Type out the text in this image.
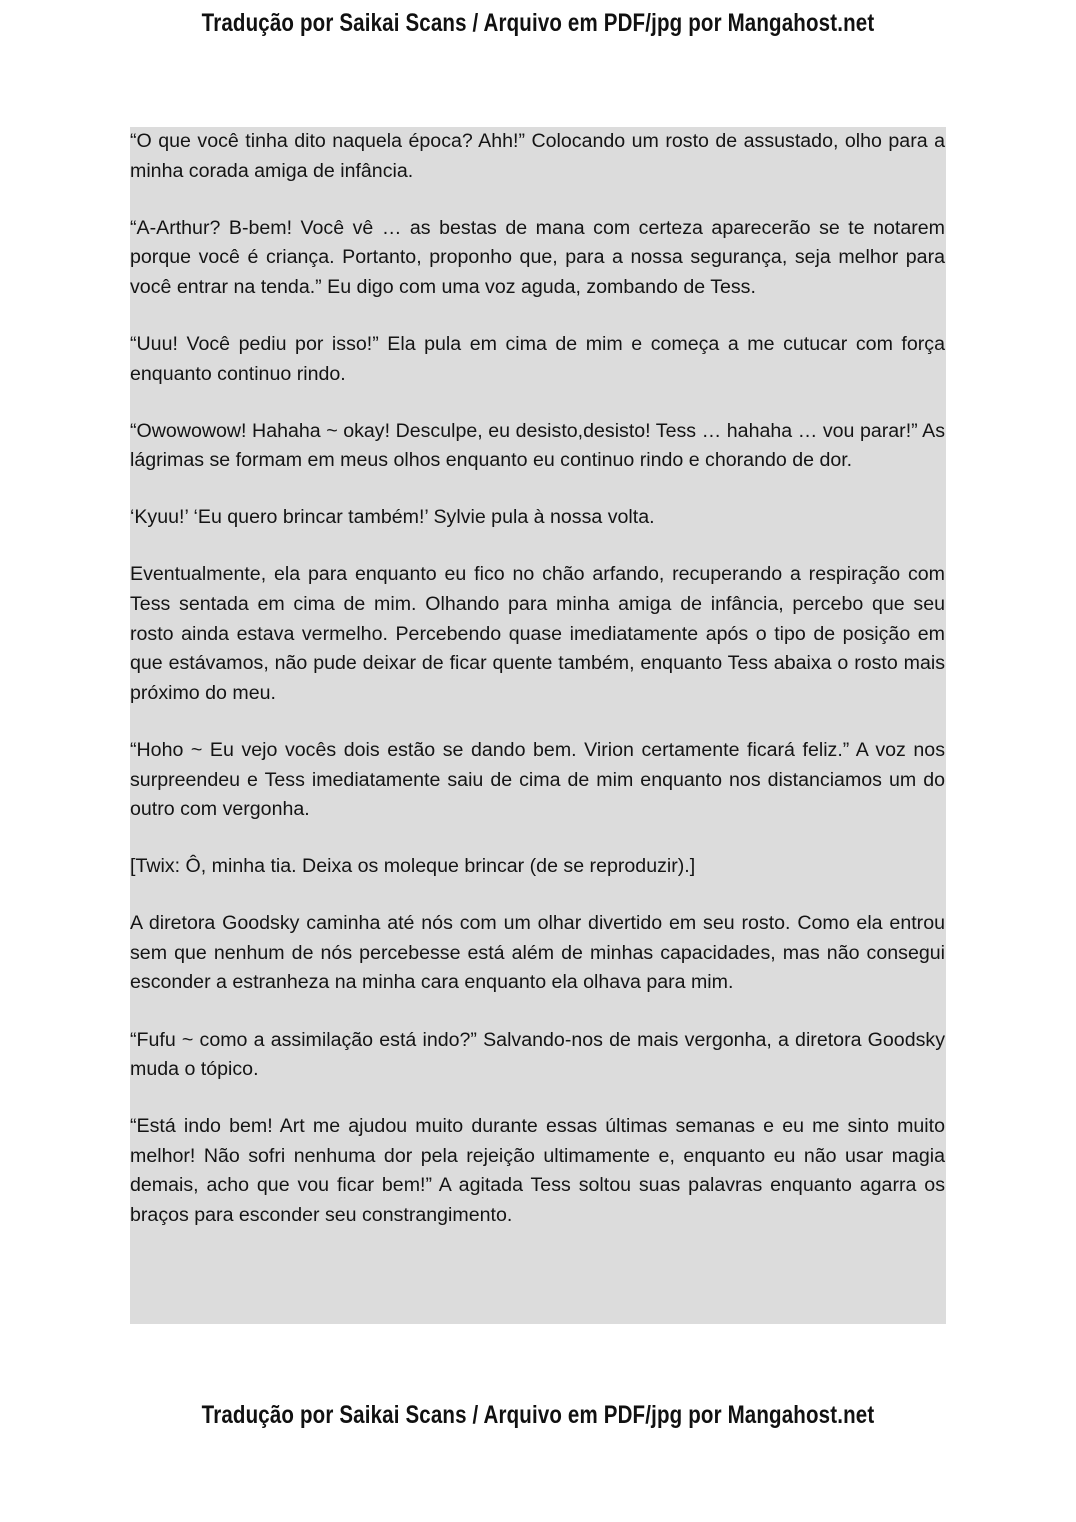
Tradução por Saikai Scans / Arquivo em PDF/jpg por Mangahost.net

“O que você tinha dito naquela época? Ahh!” Colocando um rosto de assustado, olho para a minha corada amiga de infância.

“A-Arthur? B-bem! Você vê … as bestas de mana com certeza aparecerão se te notarem porque você é criança. Portanto, proponho que, para a nossa segurança, seja melhor para você entrar na tenda.” Eu digo com uma voz aguda, zombando de Tess.

“Uuu! Você pediu por isso!” Ela pula em cima de mim e começa a me cutucar com força enquanto continuo rindo.

“Owowowow! Hahaha ~ okay! Desculpe, eu desisto,desisto! Tess … hahaha … vou parar!” As lágrimas se formam em meus olhos enquanto eu continuo rindo e chorando de dor.

‘Kyuu!’ ‘Eu quero brincar também!’ Sylvie pula à nossa volta.

Eventualmente, ela para enquanto eu fico no chão arfando, recuperando a respiração com Tess sentada em cima de mim. Olhando para minha amiga de infância, percebo que seu rosto ainda estava vermelho. Percebendo quase imediatamente após o tipo de posição em que estávamos, não pude deixar de ficar quente também, enquanto Tess abaixa o rosto mais próximo do meu.

“Hoho ~ Eu vejo vocês dois estão se dando bem. Virion certamente ficará feliz.” A voz nos surpreendeu e Tess imediatamente saiu de cima de mim enquanto nos distanciamos um do outro com vergonha.

[Twix: Ô, minha tia. Deixa os moleque brincar (de se reproduzir).]

A diretora Goodsky caminha até nós com um olhar divertido em seu rosto. Como ela entrou sem que nenhum de nós percebesse está além de minhas capacidades, mas não consegui esconder a estranheza na minha cara enquanto ela olhava para mim.

“Fufu ~ como a assimilação está indo?” Salvando-nos de mais vergonha, a diretora Goodsky muda o tópico.

“Está indo bem! Art me ajudou muito durante essas últimas semanas e eu me sinto muito melhor! Não sofri nenhuma dor pela rejeição ultimamente e, enquanto eu não usar magia demais, acho que vou ficar bem!” A agitada Tess soltou suas palavras enquanto agarra os braços para esconder seu constrangimento.

Tradução por Saikai Scans / Arquivo em PDF/jpg por Mangahost.net
